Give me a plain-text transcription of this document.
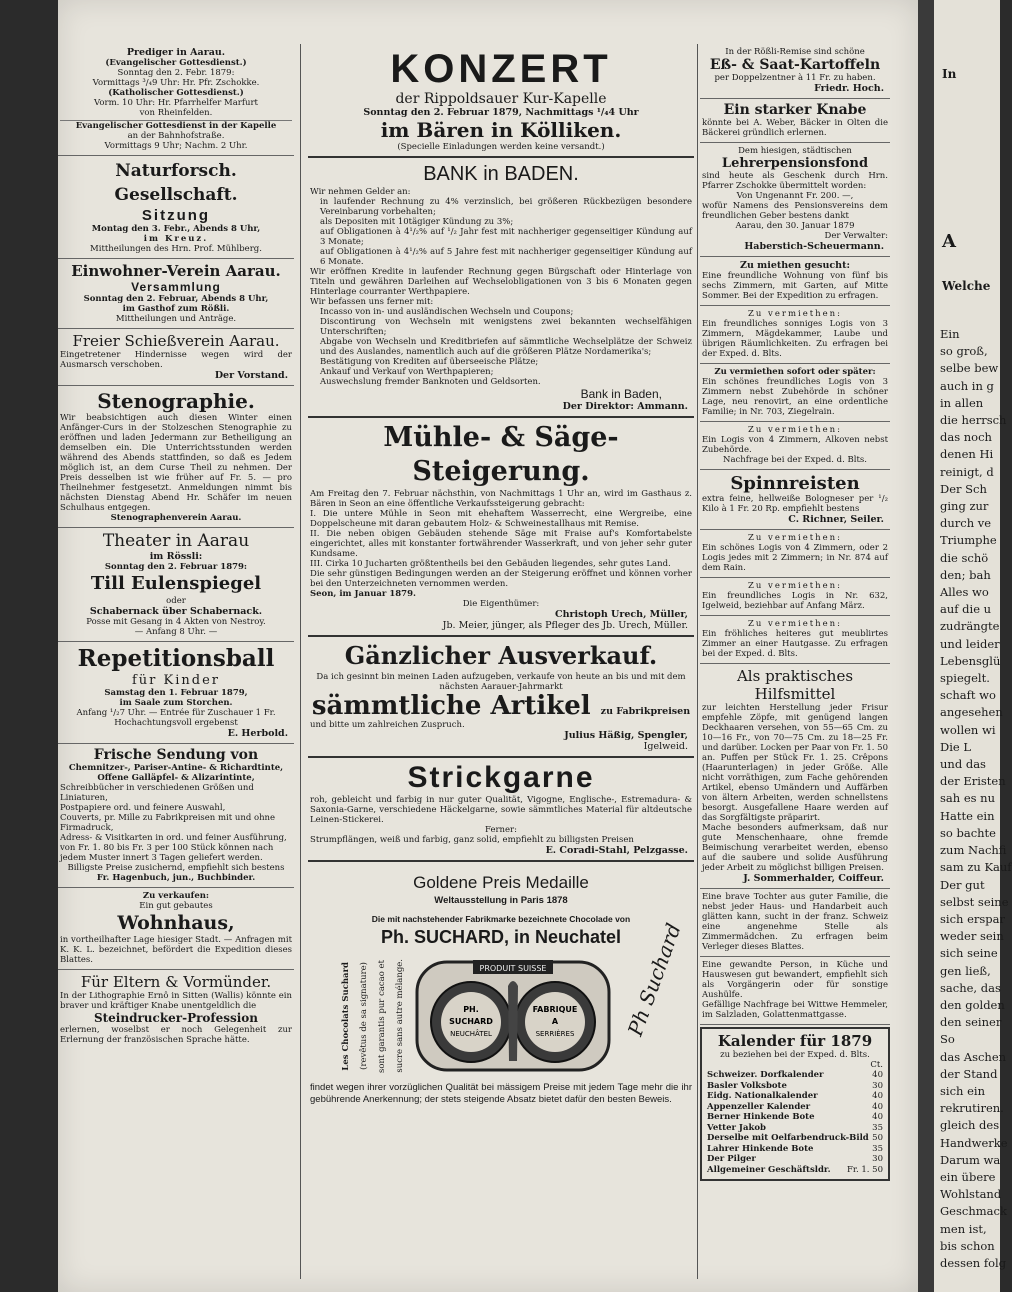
Prediger in Aarau.
(Evangelischer Gottesdienst.)
Sonntag den 2. Febr. 1879:
Vormittags ³/₄9 Uhr: Hr. Pfr. Zschokke.
(Katholischer Gottesdienst.)
Vorm. 10 Uhr: Hr. Pfarrhelfer Marfurt
von Rheinfelden.
Evangelischer Gottesdienst in der Kapelle
an der Bahnhofstraße.
Vormittags 9 Uhr; Nachm. 2 Uhr.
Naturforsch. Gesellschaft.
Sitzung
Montag den 3. Febr., Abends 8 Uhr,
im Kreuz.
Mittheilungen des Hrn. Prof. Mühlberg.
Einwohner-Verein Aarau.
Versammlung
Sonntag den 2. Februar, Abends 8 Uhr,
im Gasthof zum Rößli.
Mittheilungen und Anträge.
Freier Schießverein Aarau.
Eingetretener Hindernisse wegen wird der Ausmarsch verschoben.
Der Vorstand.
Stenographie.
Wir beabsichtigen auch diesen Winter einen Anfänger-Curs in der Stolzeschen Stenographie zu eröffnen und laden Jedermann zur Betheiligung an demselben ein. Die Unterrichtsstunden werden während des Abends stattfinden, so daß es Jedem möglich ist, an dem Curse Theil zu nehmen. Der Preis desselben ist wie früher auf Fr. 5. — pro Theilnehmer festgesetzt. Anmeldungen nimmt bis nächsten Dienstag Abend Hr. Schäfer im neuen Schulhaus entgegen.
Stenographenverein Aarau.
Theater in Aarau
im Rössli:
Sonntag den 2. Februar 1879:
Till Eulenspiegel
oder
Schabernack über Schabernack.
Posse mit Gesang in 4 Akten von Nestroy.
— Anfang 8 Uhr. —
Repetitionsball
für Kinder
Samstag den 1. Februar 1879,
im Saale zum Storchen.
Anfang ¹/₂7 Uhr. — Entrée für Zuschauer 1 Fr.
Hochachtungsvoll ergebenst
E. Herbold.
Frische Sendung von
Chemnitzer-, Pariser-Antine- & Richardtinte, Offene Galläpfel- & Alizarintinte,
Schreibbücher in verschiedenen Größen und Liniaturen,
Postpapiere ord. und feinere Auswahl,
Couverts, pr. Mille zu Fabrikpreisen mit und ohne Firmadruck,
Adress- & Visitkarten in ord. und feiner Ausführung, von Fr. 1. 80 bis Fr. 3 per 100 Stück können nach jedem Muster innert 3 Tagen geliefert werden.
Billigste Preise zusichernd, empfiehlt sich bestens
Fr. Hagenbuch, jun., Buchbinder.
Zu verkaufen:
Ein gut gebautes
Wohnhaus,
in vortheilhafter Lage hiesiger Stadt. — Anfragen mit K. K. L. bezeichnet, befördert die Expedition dieses Blattes.
Für Eltern & Vormünder.
In der Lithographie Ernô in Sitten (Wallis) könnte ein braver und kräftiger Knabe unentgeldlich die
Steindrucker-Profession
erlernen, woselbst er noch Gelegenheit zur Erlernung der französischen Sprache hätte.
KONZERT
der Rippoldsauer Kur-Kapelle
Sonntag den 2. Februar 1879, Nachmittags ¹/₄4 Uhr
im Bären in Kölliken.
(Specielle Einladungen werden keine versandt.)
BANK in BADEN.
Wir nehmen Gelder an:
in laufender Rechnung zu 4% verzinslich, bei größeren Rückbezügen besondere Vereinbarung vorbehalten;
als Depositen mit 10tägiger Kündung zu 3%;
auf Obligationen à 4¹/₂% auf ¹/₂ Jahr fest mit nachheriger gegenseitiger Kündung auf 3 Monate;
auf Obligationen à 4¹/₂% auf 5 Jahre fest mit nachheriger gegenseitiger Kündung auf 6 Monate.
Wir eröffnen Kredite in laufender Rechnung gegen Bürgschaft oder Hinterlage von Titeln und gewähren Darleihen auf Wechselobligationen von 3 bis 6 Monaten gegen Hinterlage courranter Werthpapiere.
Wir befassen uns ferner mit:
Incasso von in- und ausländischen Wechseln und Coupons;
Discontirung von Wechseln mit wenigstens zwei bekannten wechselfähigen Unterschriften;
Abgabe von Wechseln und Kreditbriefen auf sämmtliche Wechselplätze der Schweiz und des Auslandes, namentlich auch auf die größeren Plätze Nordamerika's;
Bestätigung von Krediten auf überseeische Plätze;
Ankauf und Verkauf von Werthpapieren;
Auswechslung fremder Banknoten und Geldsorten.
Bank in Baden,
Der Direktor: Ammann.
Mühle- & Säge-Steigerung.
Am Freitag den 7. Februar nächsthin, von Nachmittags 1 Uhr an, wird im Gasthaus z. Bären in Seon an eine öffentliche Verkaufssteigerung gebracht:
I. Die untere Mühle in Seon mit ehehaftem Wasserrecht, eine Wergreibe, eine Doppelscheune mit daran gebautem Holz- & Schweinestallhaus mit Remise.
II. Die neben obigen Gebäuden stehende Säge mit Fraise auf's Komfortabelste eingerichtet, alles mit konstanter fortwährender Wasserkraft, und von jeher sehr guter Kundsame.
III. Cirka 10 Jucharten größtentheils bei den Gebäuden liegendes, sehr gutes Land.
Die sehr günstigen Bedingungen werden an der Steigerung eröffnet und können vorher bei den Unterzeichneten vernommen werden.
Seon, im Januar 1879.
Die Eigenthümer:
Christoph Urech, Müller,
Jb. Meier, jünger, als Pfleger des Jb. Urech, Müller.
Gänzlicher Ausverkauf.
Da ich gesinnt bin meinen Laden aufzugeben, verkaufe von heute an bis und mit dem nächsten Aarauer-Jahrmarkt
sämmtliche Artikel zu Fabrikpreisen
und bitte um zahlreichen Zuspruch.
Julius Häßig, Spengler,
Igelweid.
Strickgarne
roh, gebleicht und farbig in nur guter Qualität, Vigogne, Englische-, Estremadura- & Saxonia-Garne, verschiedene Häckelgarne, sowie sämmtliches Material für altdeutsche Leinen-Stickerei.
Ferner:
Strumpflängen, weiß und farbig, ganz solid, empfiehlt zu billigsten Preisen
E. Coradi-Stahl, Pelzgasse.
Goldene Preis Medaille
Weltausstellung in Paris 1878
Die mit nachstehender Fabrikmarke bezeichnete Chocolade von
Ph. SUCHARD, in Neuchatel
Les Chocolats Suchard (revêtus de sa signature) sont garantis pur cacao et sucre sans autre mélange.	PRODUIT SUISSE
PH.
SUCHARD
NEUCHÂTEL
FABRIQUE
A
SERRIÈRES Ph Suchard
findet wegen ihrer vorzüglichen Qualität bei mässigem Preise mit jedem Tage mehr die ihr gebührende Anerkennung; der stets steigende Absatz bietet dafür den besten Beweis.
In der Rößli-Remise sind schöne
Eß- & Saat-Kartoffeln
per Doppelzentner à 11 Fr. zu haben.
Friedr. Hoch.
Ein starker Knabe
könnte bei A. Weber, Bäcker in Olten die Bäckerei gründlich erlernen.
Dem hiesigen, städtischen
Lehrerpensionsfond
sind heute als Geschenk durch Hrn. Pfarrer Zschokke übermittelt worden:
Von Ungenannt Fr. 200. —,
wofür Namens des Pensionsvereins dem freundlichen Geber bestens dankt
Aarau, den 30. Januar 1879
Der Verwalter:
Haberstich-Scheuermann.
Zu miethen gesucht:
Eine freundliche Wohnung von fünf bis sechs Zimmern, mit Garten, auf Mitte Sommer. Bei der Expedition zu erfragen.
Zu vermiethen:
Ein freundliches sonniges Logis von 3 Zimmern, Mägdekammer, Laube und übrigen Räumlichkeiten. Zu erfragen bei der Exped. d. Blts.
Zu vermiethen sofort oder später:
Ein schönes freundliches Logis von 3 Zimmern nebst Zubehörde in schöner Lage, neu renovirt, an eine ordentliche Familie; in Nr. 703, Ziegelrain.
Zu vermiethen:
Ein Logis von 4 Zimmern, Alkoven nebst Zubehörde.
Nachfrage bei der Exped. d. Blts.
Spinnreisten
extra feine, hellweiße Bologneser per ¹/₂ Kilo à 1 Fr. 20 Rp. empfiehlt bestens
C. Richner, Seiler.
Zu vermiethen:
Ein schönes Logis von 4 Zimmern, oder 2 Logis jedes mit 2 Zimmern; in Nr. 874 auf dem Rain.
Zu vermiethen:
Ein freundliches Logis in Nr. 632, Igelweid, beziehbar auf Anfang März.
Zu vermiethen:
Ein fröhliches heiteres gut meublirtes Zimmer an einer Hautgasse. Zu erfragen bei der Exped. d. Blts.
Als praktisches Hilfsmittel
zur leichten Herstellung jeder Frisur empfehle Zöpfe, mit genügend langen Deckhaaren versehen, von 55—65 Cm. zu 10—16 Fr., von 70—75 Cm. zu 18—25 Fr. und darüber. Locken per Paar von Fr. 1. 50 an. Puffen per Stück Fr. 1. 25. Crêpons (Haarunterlagen) in jeder Größe. Alle nicht vorräthigen, zum Fache gehörenden Artikel, ebenso Umändern und Auffärben von ältern Arbeiten, werden schnellstens besorgt. Ausgefallene Haare werden auf das Sorgfältigste präparirt.
Mache besonders aufmerksam, daß nur gute Menschenhaare, ohne fremde Beimischung verarbeitet werden, ebenso auf die saubere und solide Ausführung jeder Arbeit zu möglichst billigen Preisen.
J. Sommerhalder, Coiffeur.
Eine brave Tochter aus guter Familie, die nebst jeder Haus- und Handarbeit auch glätten kann, sucht in der franz. Schweiz eine angenehme Stelle als Zimmermädchen. Zu erfragen beim Verleger dieses Blattes.
Eine gewandte Person, in Küche und Hauswesen gut bewandert, empfiehlt sich als Vorgängerin oder für sonstige Aushülfe.
Gefällige Nachfrage bei Wittwe Hemmeler, im Salzladen, Golattenmattgasse.
Kalender für 1879
zu beziehen bei der Exped. d. Blts.
Ct.
Schweizer. Dorfkalender	40
Basler Volksbote	30
Eidg. Nationalkalender	40
Appenzeller Kalender	40
Berner Hinkende Bote	40
Vetter Jakob	35
Derselbe mit Oelfarbendruck-Bild 50
Lahrer Hinkende Bote	35
Der Pilger	30
Allgemeiner Geschäftsldr. Fr. 1. 50
In
A
Welche
Ein
so groß,
selbe bew
auch in g
in allen
die herrsch
das noch
denen Hi
reinigt, d
Der Sch
ging zur
durch ve
Triumphe
die schö
den; bah
Alles wo
auf die u
zudrängte
und leider
Lebensglü
spiegelt.
schaft wo
angesehen
wollen wi
Die L
und das
der Eristen
sah es nu
Hatte ein
so bachte
zum Nachfi
sam zu Kauf
Der gut
selbst seine
sich erspar
weder sein
sich seine
gen ließ,
sache, das
den golden
den seiner
So
das Aschen
der Stand
sich ein
rekrutiren.
gleich des
Handwerke
Darum wa
ein übere
Wohlstand
Geschmack
men ist,
bis schon
dessen folg
